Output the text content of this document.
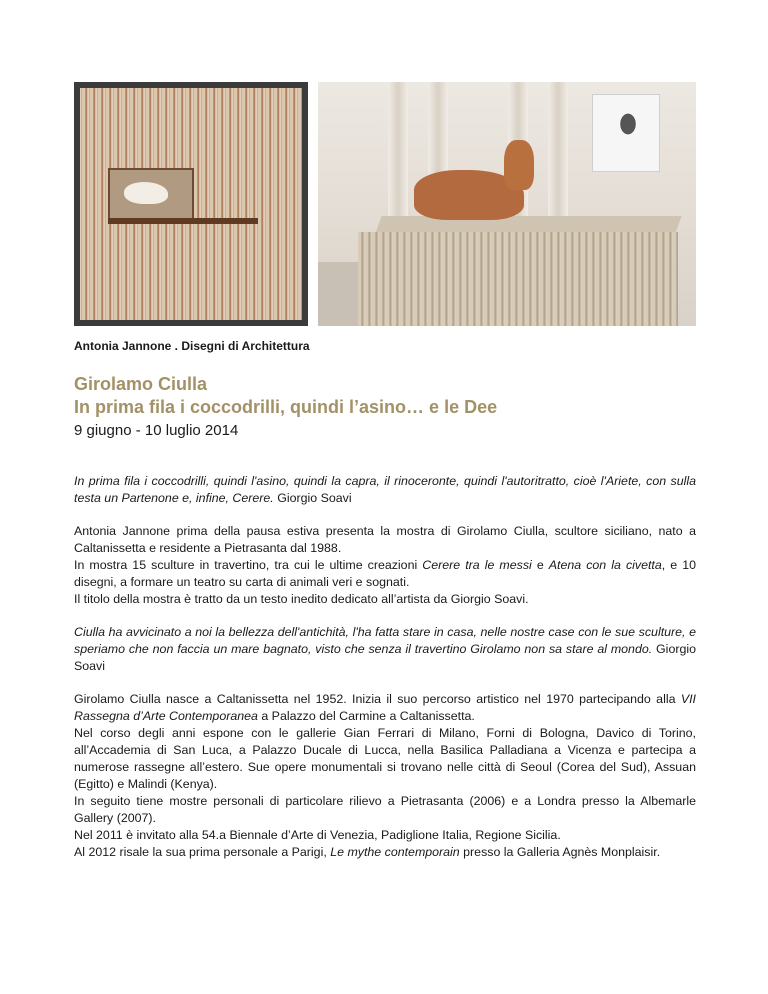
Antonia Jannone . Disegni di Architettura
Girolamo Ciulla
In prima fila i coccodrilli, quindi l’asino… e le Dee
9 giugno - 10 luglio 2014

In prima fila i coccodrilli, quindi l'asino, quindi la capra, il rinoceronte, quindi l'autoritratto, cioè l'Ariete, con sulla testa un Partenone e, infine, Cerere. Giorgio Soavi

Antonia Jannone prima della pausa estiva presenta la mostra di Girolamo Ciulla, scultore siciliano, nato a Caltanissetta e residente a Pietrasanta dal 1988.
In mostra 15 sculture in travertino, tra cui le ultime creazioni Cerere tra le messi e Atena con la civetta, e 10 disegni, a formare un teatro su carta di animali veri e sognati.
Il titolo della mostra è tratto da un testo inedito dedicato all’artista da Giorgio Soavi.

Ciulla ha avvicinato a noi la bellezza dell'antichità, l'ha fatta stare in casa, nelle nostre case con le sue sculture, e speriamo che non faccia un mare bagnato, visto che senza il travertino Girolamo non sa stare al mondo. Giorgio Soavi

Girolamo Ciulla nasce a Caltanissetta nel 1952. Inizia il suo percorso artistico nel 1970 partecipando alla VII Rassegna d’Arte Contemporanea a Palazzo del Carmine a Caltanissetta.
Nel corso degli anni espone con le gallerie Gian Ferrari di Milano, Forni di Bologna, Davico di Torino, all’Accademia di San Luca, a Palazzo Ducale di Lucca, nella Basilica Palladiana a Vicenza e partecipa a numerose rassegne all’estero. Sue opere monumentali si trovano nelle città di Seoul (Corea del Sud), Assuan (Egitto) e Malindi (Kenya).
In seguito tiene mostre personali di particolare rilievo a Pietrasanta (2006) e a Londra presso la Albemarle Gallery (2007).
Nel 2011 è invitato alla 54.a Biennale d’Arte di Venezia, Padiglione Italia, Regione Sicilia.
Al 2012 risale la sua prima personale a Parigi, Le mythe contemporain presso la Galleria Agnès Monplaisir.
